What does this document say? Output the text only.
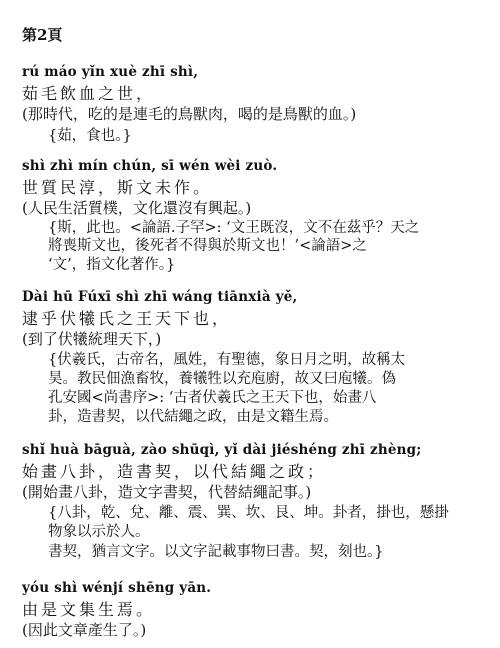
第2頁
rú máo yǐn xuè zhī shì,
茹毛飲血之世，
(那時代，吃的是連毛的鳥獸肉，喝的是鳥獸的血。)
{茹，食也。}
shì zhì mín chún, sī wén wèi zuò.
世質民淳，斯文未作。
(人民生活質樸，文化還沒有興起。)
{斯，此也。<論語.子罕>: ‘文王既沒，文不在茲乎？天之
將喪斯文也，後死者不得與於斯文也！’<論語>之
‘文’，指文化著作。}
Dài hū Fúxī shì zhī wáng tiānxià yě,
逮乎伏犧氏之王天下也，
(到了伏犧統理天下，)
{伏羲氏，古帝名，風姓，有聖德，象日月之明，故稱太
昊。教民佃漁畜牧，養犧牲以充庖廚，故又曰庖犧。偽
孔安國<尚書序>: ‘古者伏羲氏之王天下也，始畫八
卦，造書契，以代結繩之政，由是文籍生焉。
shǐ huà bāguà, zào shūqì, yǐ dài jiéshéng zhī zhèng;
始畫八卦，造書契，以代結繩之政；
(開始畫八卦，造文字書契，代替結繩記事。)
{八卦，乾、兌、離、震、巽、坎、艮、坤。卦者，掛也，懸掛
物象以示於人。
書契，猶言文字。以文字記載事物曰書。契，刻也。}
yóu shì wénjí shēng yān.
由是文集生焉。
(因此文章產生了。)
